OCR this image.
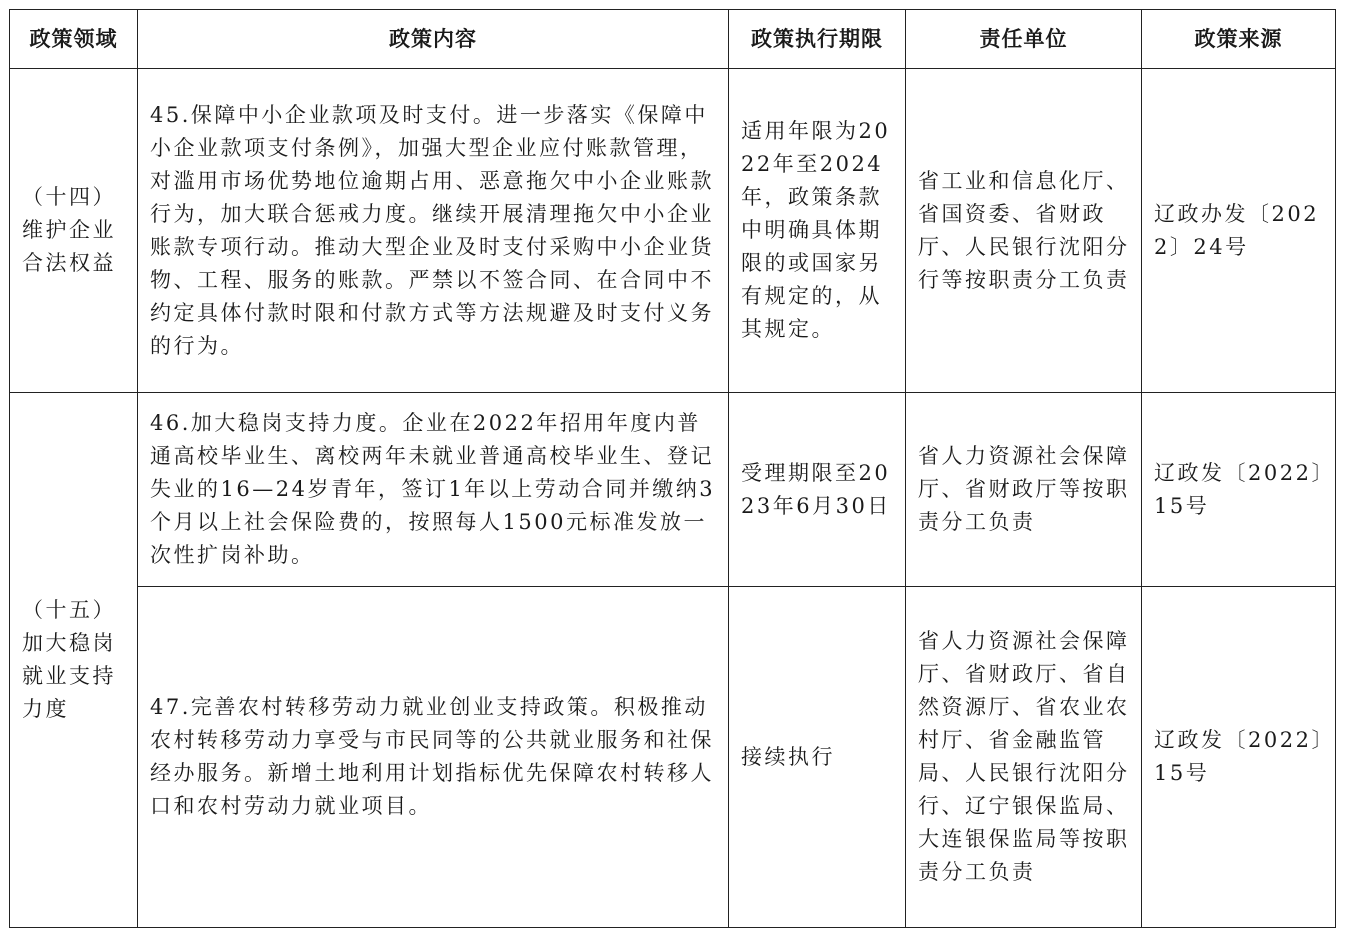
政策领域	政策内容	政策执行期限	责任单位	政策来源

（十四）维护企业合法权益	45.保障中小企业款项及时支付。进一步落实《保障中小企业款项支付条例》，加强大型企业应付账款管理，对滥用市场优势地位逾期占用、恶意拖欠中小企业账款行为，加大联合惩戒力度。继续开展清理拖欠中小企业账款专项行动。推动大型企业及时支付采购中小企业货物、工程、服务的账款。严禁以不签合同、在合同中不约定具体付款时限和付款方式等方法规避及时支付义务的行为。	适用年限为2022年至2024年，政策条款中明确具体期限的或国家另有规定的，从其规定。	省工业和信息化厅、省国资委、省财政厅、人民银行沈阳分行等按职责分工负责	辽政办发〔2022〕24号

（十五）加大稳岗就业支持力度	46.加大稳岗支持力度。企业在2022年招用年度内普通高校毕业生、离校两年未就业普通高校毕业生、登记失业的16—24岁青年，签订1年以上劳动合同并缴纳3个月以上社会保险费的，按照每人1500元标准发放一次性扩岗补助。	受理期限至2023年6月30日	省人力资源社会保障厅、省财政厅等按职责分工负责	辽政发〔2022〕15号

	47.完善农村转移劳动力就业创业支持政策。积极推动农村转移劳动力享受与市民同等的公共就业服务和社保经办服务。新增土地利用计划指标优先保障农村转移人口和农村劳动力就业项目。	接续执行	省人力资源社会保障厅、省财政厅、省自然资源厅、省农业农村厅、省金融监管局、人民银行沈阳分行、辽宁银保监局、大连银保监局等按职责分工负责	辽政发〔2022〕15号
